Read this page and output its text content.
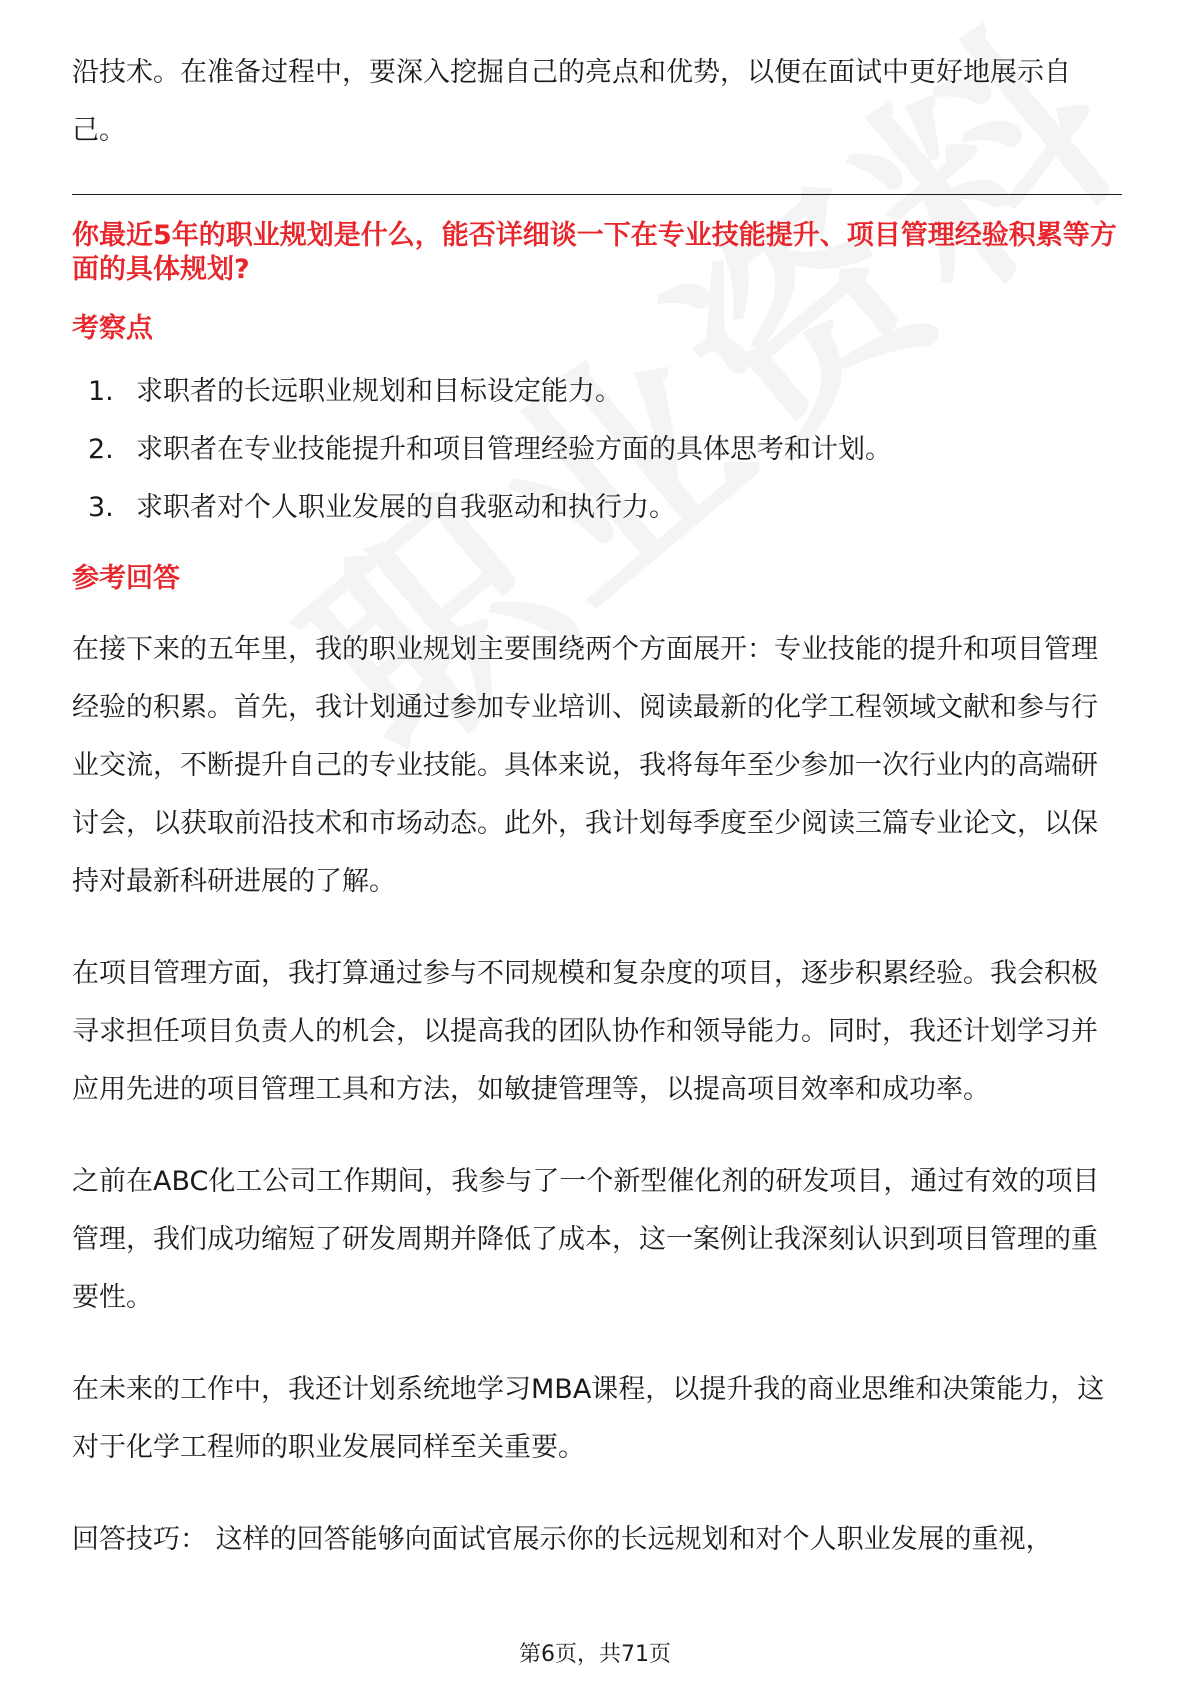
沿技术。在准备过程中，要深入挖掘自己的亮点和优势，以便在面试中更好地展示自己。

你最近5年的职业规划是什么，能否详细谈一下在专业技能提升、项目管理经验积累等方面的具体规划?
考察点
1. 求职者的长远职业规划和目标设定能力。
2. 求职者在专业技能提升和项目管理经验方面的具体思考和计划。
3. 求职者对个人职业发展的自我驱动和执行力。
参考回答

在接下来的五年里，我的职业规划主要围绕两个方面展开：专业技能的提升和项目管理经验的积累。首先，我计划通过参加专业培训、阅读最新的化学工程领域文献和参与行业交流，不断提升自己的专业技能。具体来说，我将每年至少参加一次行业内的高端研讨会，以获取前沿技术和市场动态。此外，我计划每季度至少阅读三篇专业论文，以保持对最新科研进展的了解。

在项目管理方面，我打算通过参与不同规模和复杂度的项目，逐步积累经验。我会积极寻求担任项目负责人的机会，以提高我的团队协作和领导能力。同时，我还计划学习并应用先进的项目管理工具和方法，如敏捷管理等，以提高项目效率和成功率。

之前在ABC化工公司工作期间，我参与了一个新型催化剂的研发项目，通过有效的项目管理，我们成功缩短了研发周期并降低了成本，这一案例让我深刻认识到项目管理的重要性。

在未来的工作中，我还计划系统地学习MBA课程，以提升我的商业思维和决策能力，这对于化学工程师的职业发展同样至关重要。

回答技巧： 这样的回答能够向面试官展示你的长远规划和对个人职业发展的重视，

第6页，共71页
